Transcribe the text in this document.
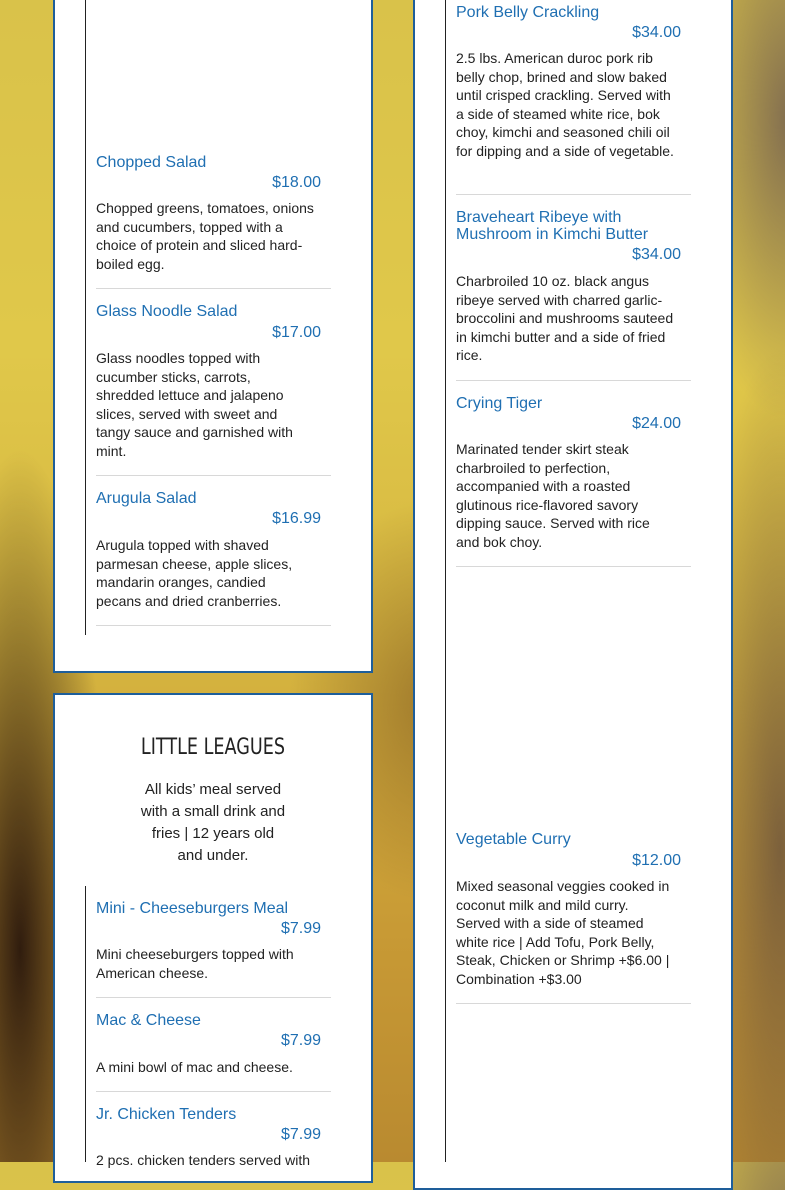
Chopped Salad
$18.00
Chopped greens, tomatoes, onions and cucumbers, topped with a choice of protein and sliced hard-boiled egg.
Glass Noodle Salad
$17.00
Glass noodles topped with cucumber sticks, carrots, shredded lettuce and jalapeno slices, served with sweet and tangy sauce and garnished with mint.
Arugula Salad
$16.99
Arugula topped with shaved parmesan cheese, apple slices, mandarin oranges, candied pecans and dried cranberries.
LITTLE LEAGUES
All kids’ meal served with a small drink and fries | 12 years old and under.
Mini - Cheeseburgers Meal
$7.99
Mini cheeseburgers topped with American cheese.
Mac & Cheese
$7.99
A mini bowl of mac and cheese.
Jr. Chicken Tenders
$7.99
2 pcs. chicken tenders served with
Pork Belly Crackling
$34.00
2.5 lbs. American duroc pork rib belly chop, brined and slow baked until crisped crackling. Served with a side of steamed white rice, bok choy, kimchi and seasoned chili oil for dipping and a side of vegetable.
Braveheart Ribeye with Mushroom in Kimchi Butter
$34.00
Charbroiled 10 oz. black angus ribeye served with charred garlic-broccolini and mushrooms sauteed in kimchi butter and a side of fried rice.
Crying Tiger
$24.00
Marinated tender skirt steak charbroiled to perfection, accompanied with a roasted glutinous rice-flavored savory dipping sauce. Served with rice and bok choy.
Vegetable Curry
$12.00
Mixed seasonal veggies cooked in coconut milk and mild curry. Served with a side of steamed white rice | Add Tofu, Pork Belly, Steak, Chicken or Shrimp +$6.00 | Combination +$3.00
